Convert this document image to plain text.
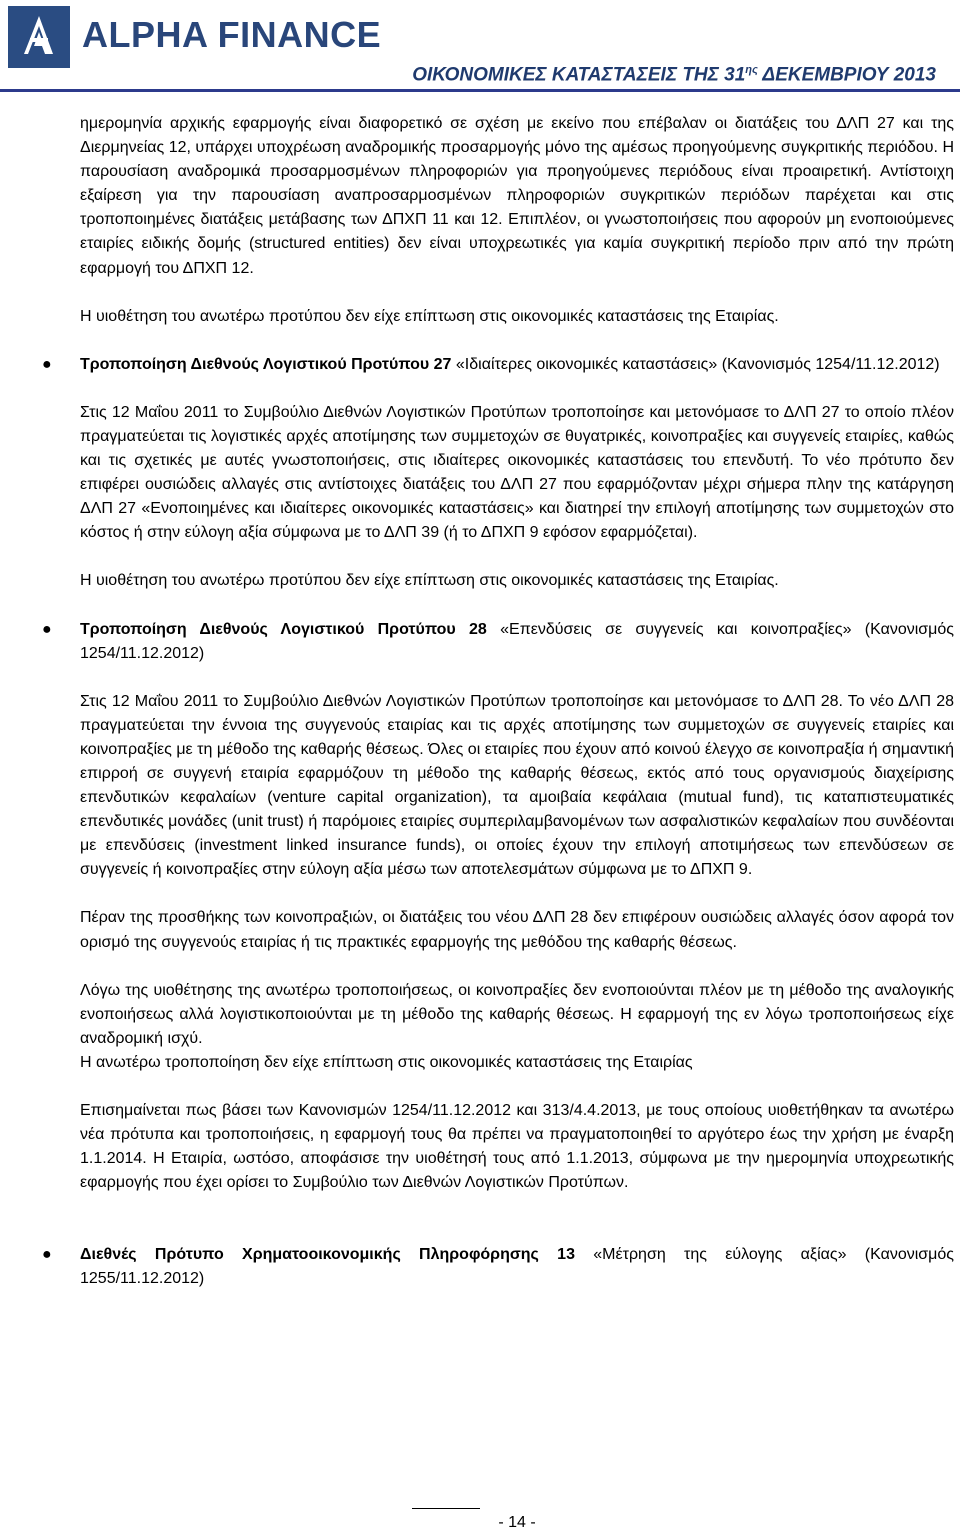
ALPHA FINANCE
ΟΙΚΟΝΟΜΙΚΕΣ ΚΑΤΑΣΤΑΣΕΙΣ ΤΗΣ $31^{\eta\varsigma}$ ΔΕΚΕΜΒΡΙΟΥ 2013

ημερομηνία αρχικής εφαρμογής είναι διαφορετικό σε σχέση με εκείνο που επέβαλαν οι διατάξεις του ΔΛΠ 27 και της Διερμηνείας 12, υπάρχει υποχρέωση αναδρομικής προσαρμογής μόνο της αμέσως προηγούμενης συγκριτικής περιόδου. Η παρουσίαση αναδρομικά προσαρμοσμένων πληροφοριών για προηγούμενες περιόδους είναι προαιρετική. Αντίστοιχη εξαίρεση για την παρουσίαση αναπροσαρμοσμένων πληροφοριών συγκριτικών περιόδων παρέχεται και στις τροποποιημένες διατάξεις μετάβασης των ΔΠΧΠ 11 και 12. Επιπλέον, οι γνωστοποιήσεις που αφορούν μη ενοποιούμενες εταιρίες ειδικής δομής (structured entities) δεν είναι υποχρεωτικές για καμία συγκριτική περίοδο πριν από την πρώτη εφαρμογή του ΔΠΧΠ 12.

Η υιοθέτηση του ανωτέρω προτύπου δεν είχε επίπτωση στις οικονομικές καταστάσεις της Εταιρίας.

● Τροποποίηση Διεθνούς Λογιστικού Προτύπου 27 «Ιδιαίτερες οικονομικές καταστάσεις» (Κανονισμός 1254/11.12.2012)

Στις 12 Μαΐου 2011 το Συμβούλιο Διεθνών Λογιστικών Προτύπων τροποποίησε και μετονόμασε το ΔΛΠ 27 το οποίο πλέον πραγματεύεται τις λογιστικές αρχές αποτίμησης των συμμετοχών σε θυγατρικές, κοινοπραξίες και συγγενείς εταιρίες, καθώς και τις σχετικές με αυτές γνωστοποιήσεις, στις ιδιαίτερες οικονομικές καταστάσεις του επενδυτή. Το νέο πρότυπο δεν επιφέρει ουσιώδεις αλλαγές στις αντίστοιχες διατάξεις του ΔΛΠ 27 που εφαρμόζονταν μέχρι σήμερα πλην της κατάργηση ΔΛΠ 27 «Ενοποιημένες και ιδιαίτερες οικονομικές καταστάσεις» και διατηρεί την επιλογή αποτίμησης των συμμετοχών στο κόστος ή στην εύλογη αξία σύμφωνα με το ΔΛΠ 39 (ή το ΔΠΧΠ 9 εφόσον εφαρμόζεται).

Η υιοθέτηση του ανωτέρω προτύπου δεν είχε επίπτωση στις οικονομικές καταστάσεις της Εταιρίας.

● Τροποποίηση Διεθνούς Λογιστικού Προτύπου 28 «Επενδύσεις σε συγγενείς και κοινοπραξίες» (Κανονισμός 1254/11.12.2012)

Στις 12 Μαΐου 2011 το Συμβούλιο Διεθνών Λογιστικών Προτύπων τροποποίησε και μετονόμασε το ΔΛΠ 28. Το νέο ΔΛΠ 28 πραγματεύεται την έννοια της συγγενούς εταιρίας και τις αρχές αποτίμησης των συμμετοχών σε συγγενείς εταιρίες και κοινοπραξίες με τη μέθοδο της καθαρής θέσεως. Όλες οι εταιρίες που έχουν από κοινού έλεγχο σε κοινοπραξία ή σημαντική επιρροή σε συγγενή εταιρία εφαρμόζουν τη μέθοδο της καθαρής θέσεως, εκτός από τους οργανισμούς διαχείρισης επενδυτικών κεφαλαίων (venture capital organization), τα αμοιβαία κεφάλαια (mutual fund), τις καταπιστευματικές επενδυτικές μονάδες (unit trust) ή παρόμοιες εταιρίες συμπεριλαμβανομένων των ασφαλιστικών κεφαλαίων που συνδέονται με επενδύσεις (investment linked insurance funds), οι οποίες έχουν την επιλογή αποτιμήσεως των επενδύσεων σε συγγενείς ή κοινοπραξίες στην εύλογη αξία μέσω των αποτελεσμάτων σύμφωνα με το ΔΠΧΠ 9.

Πέραν της προσθήκης των κοινοπραξιών, οι διατάξεις του νέου ΔΛΠ 28 δεν επιφέρουν ουσιώδεις αλλαγές όσον αφορά τον ορισμό της συγγενούς εταιρίας ή τις πρακτικές εφαρμογής της μεθόδου της καθαρής θέσεως.

Λόγω της υιοθέτησης της ανωτέρω τροποποιήσεως, οι κοινοπραξίες δεν ενοποιούνται πλέον με τη μέθοδο της αναλογικής ενοποιήσεως αλλά λογιστικοποιούνται με τη μέθοδο της καθαρής θέσεως. Η εφαρμογή της εν λόγω τροποποιήσεως είχε αναδρομική ισχύ.

Η ανωτέρω τροποποίηση δεν είχε επίπτωση στις οικονομικές καταστάσεις της Εταιρίας

Επισημαίνεται πως βάσει των Κανονισμών 1254/11.12.2012 και 313/4.4.2013, με τους οποίους υιοθετήθηκαν τα ανωτέρω νέα πρότυπα και τροποποιήσεις, η εφαρμογή τους θα πρέπει να πραγματοποιηθεί το αργότερο έως την χρήση με έναρξη 1.1.2014. Η Εταιρία, ωστόσο, αποφάσισε την υιοθέτησή τους από 1.1.2013, σύμφωνα με την ημερομηνία υποχρεωτικής εφαρμογής που έχει ορίσει το Συμβούλιο των Διεθνών Λογιστικών Προτύπων.

● Διεθνές Πρότυπο Χρηματοοικονομικής Πληροφόρησης 13 «Μέτρηση της εύλογης αξίας» (Κανονισμός 1255/11.12.2012)

- 14 -
